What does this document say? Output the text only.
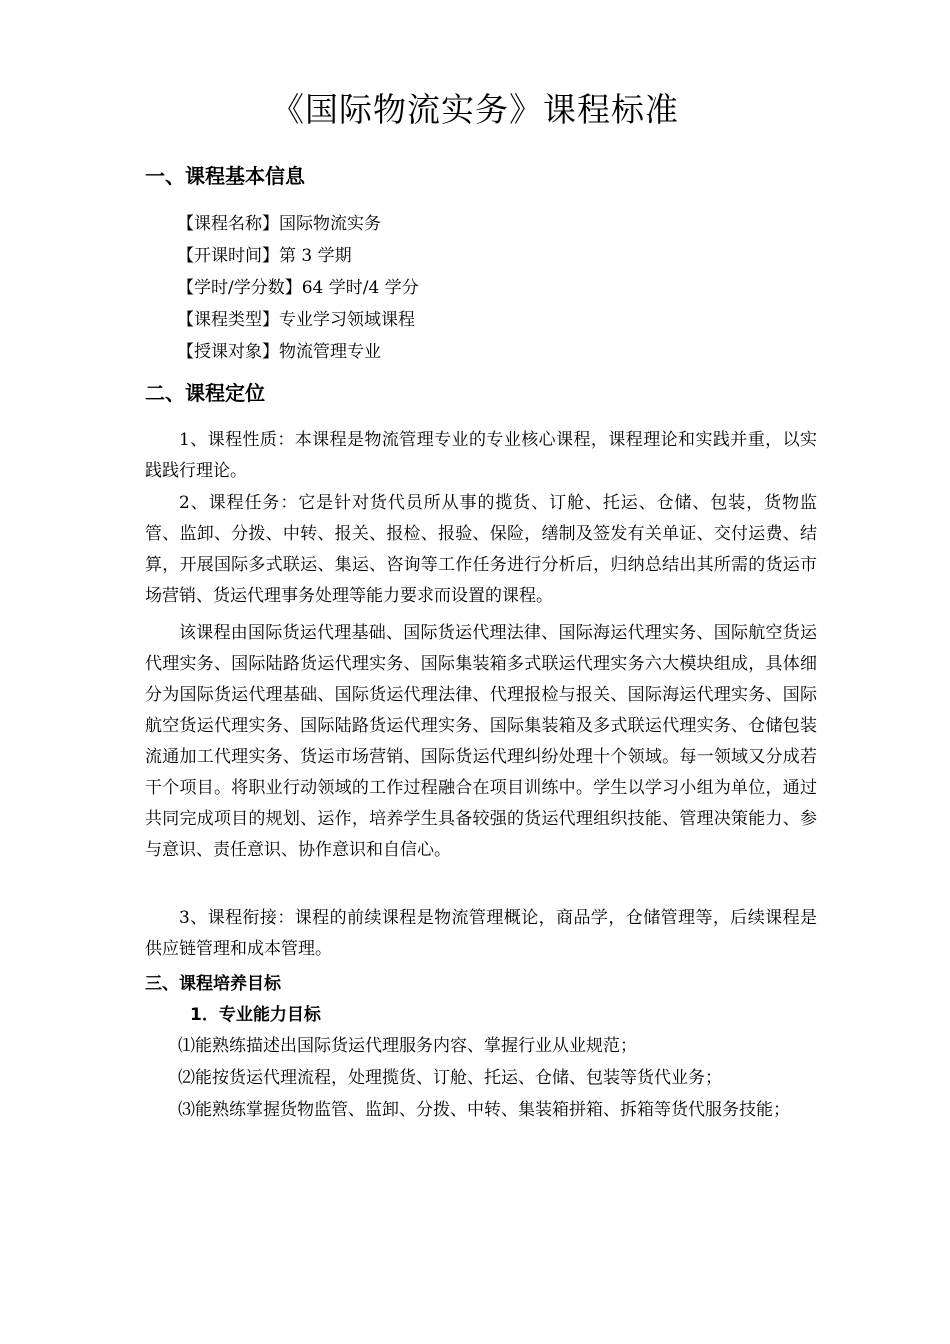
《国际物流实务》课程标准
一、课程基本信息

【课程名称】国际物流实务

【开课时间】第 3 学期

【学时/学分数】64 学时/4 学分

【课程类型】专业学习领域课程

【授课对象】物流管理专业

二、课程定位

1、课程性质：本课程是物流管理专业的专业核心课程，课程理论和实践并重，以实践践行理论。

2、课程任务：它是针对货代员所从事的揽货、订舱、托运、仓储、包装，货物监管、监卸、分拨、中转、报关、报检、报验、保险，缮制及签发有关单证、交付运费、结算，开展国际多式联运、集运、咨询等工作任务进行分析后，归纳总结出其所需的货运市场营销、货运代理事务处理等能力要求而设置的课程。

该课程由国际货运代理基础、国际货运代理法律、国际海运代理实务、国际航空货运代理实务、国际陆路货运代理实务、国际集装箱多式联运代理实务六大模块组成，具体细分为国际货运代理基础、国际货运代理法律、代理报检与报关、国际海运代理实务、国际航空货运代理实务、国际陆路货运代理实务、国际集装箱及多式联运代理实务、仓储包装流通加工代理实务、货运市场营销、国际货运代理纠纷处理十个领域。每一领域又分成若干个项目。将职业行动领域的工作过程融合在项目训练中。学生以学习小组为单位，通过共同完成项目的规划、运作，培养学生具备较强的货运代理组织技能、管理决策能力、参与意识、责任意识、协作意识和自信心。

3、课程衔接：课程的前续课程是物流管理概论，商品学，仓储管理等，后续课程是供应链管理和成本管理。

三、课程培养目标
1．专业能力目标

⑴能熟练描述出国际货运代理服务内容、掌握行业从业规范；

⑵能按货运代理流程，处理揽货、订舱、托运、仓储、包装等货代业务；

⑶能熟练掌握货物监管、监卸、分拨、中转、集装箱拼箱、拆箱等货代服务技能；
